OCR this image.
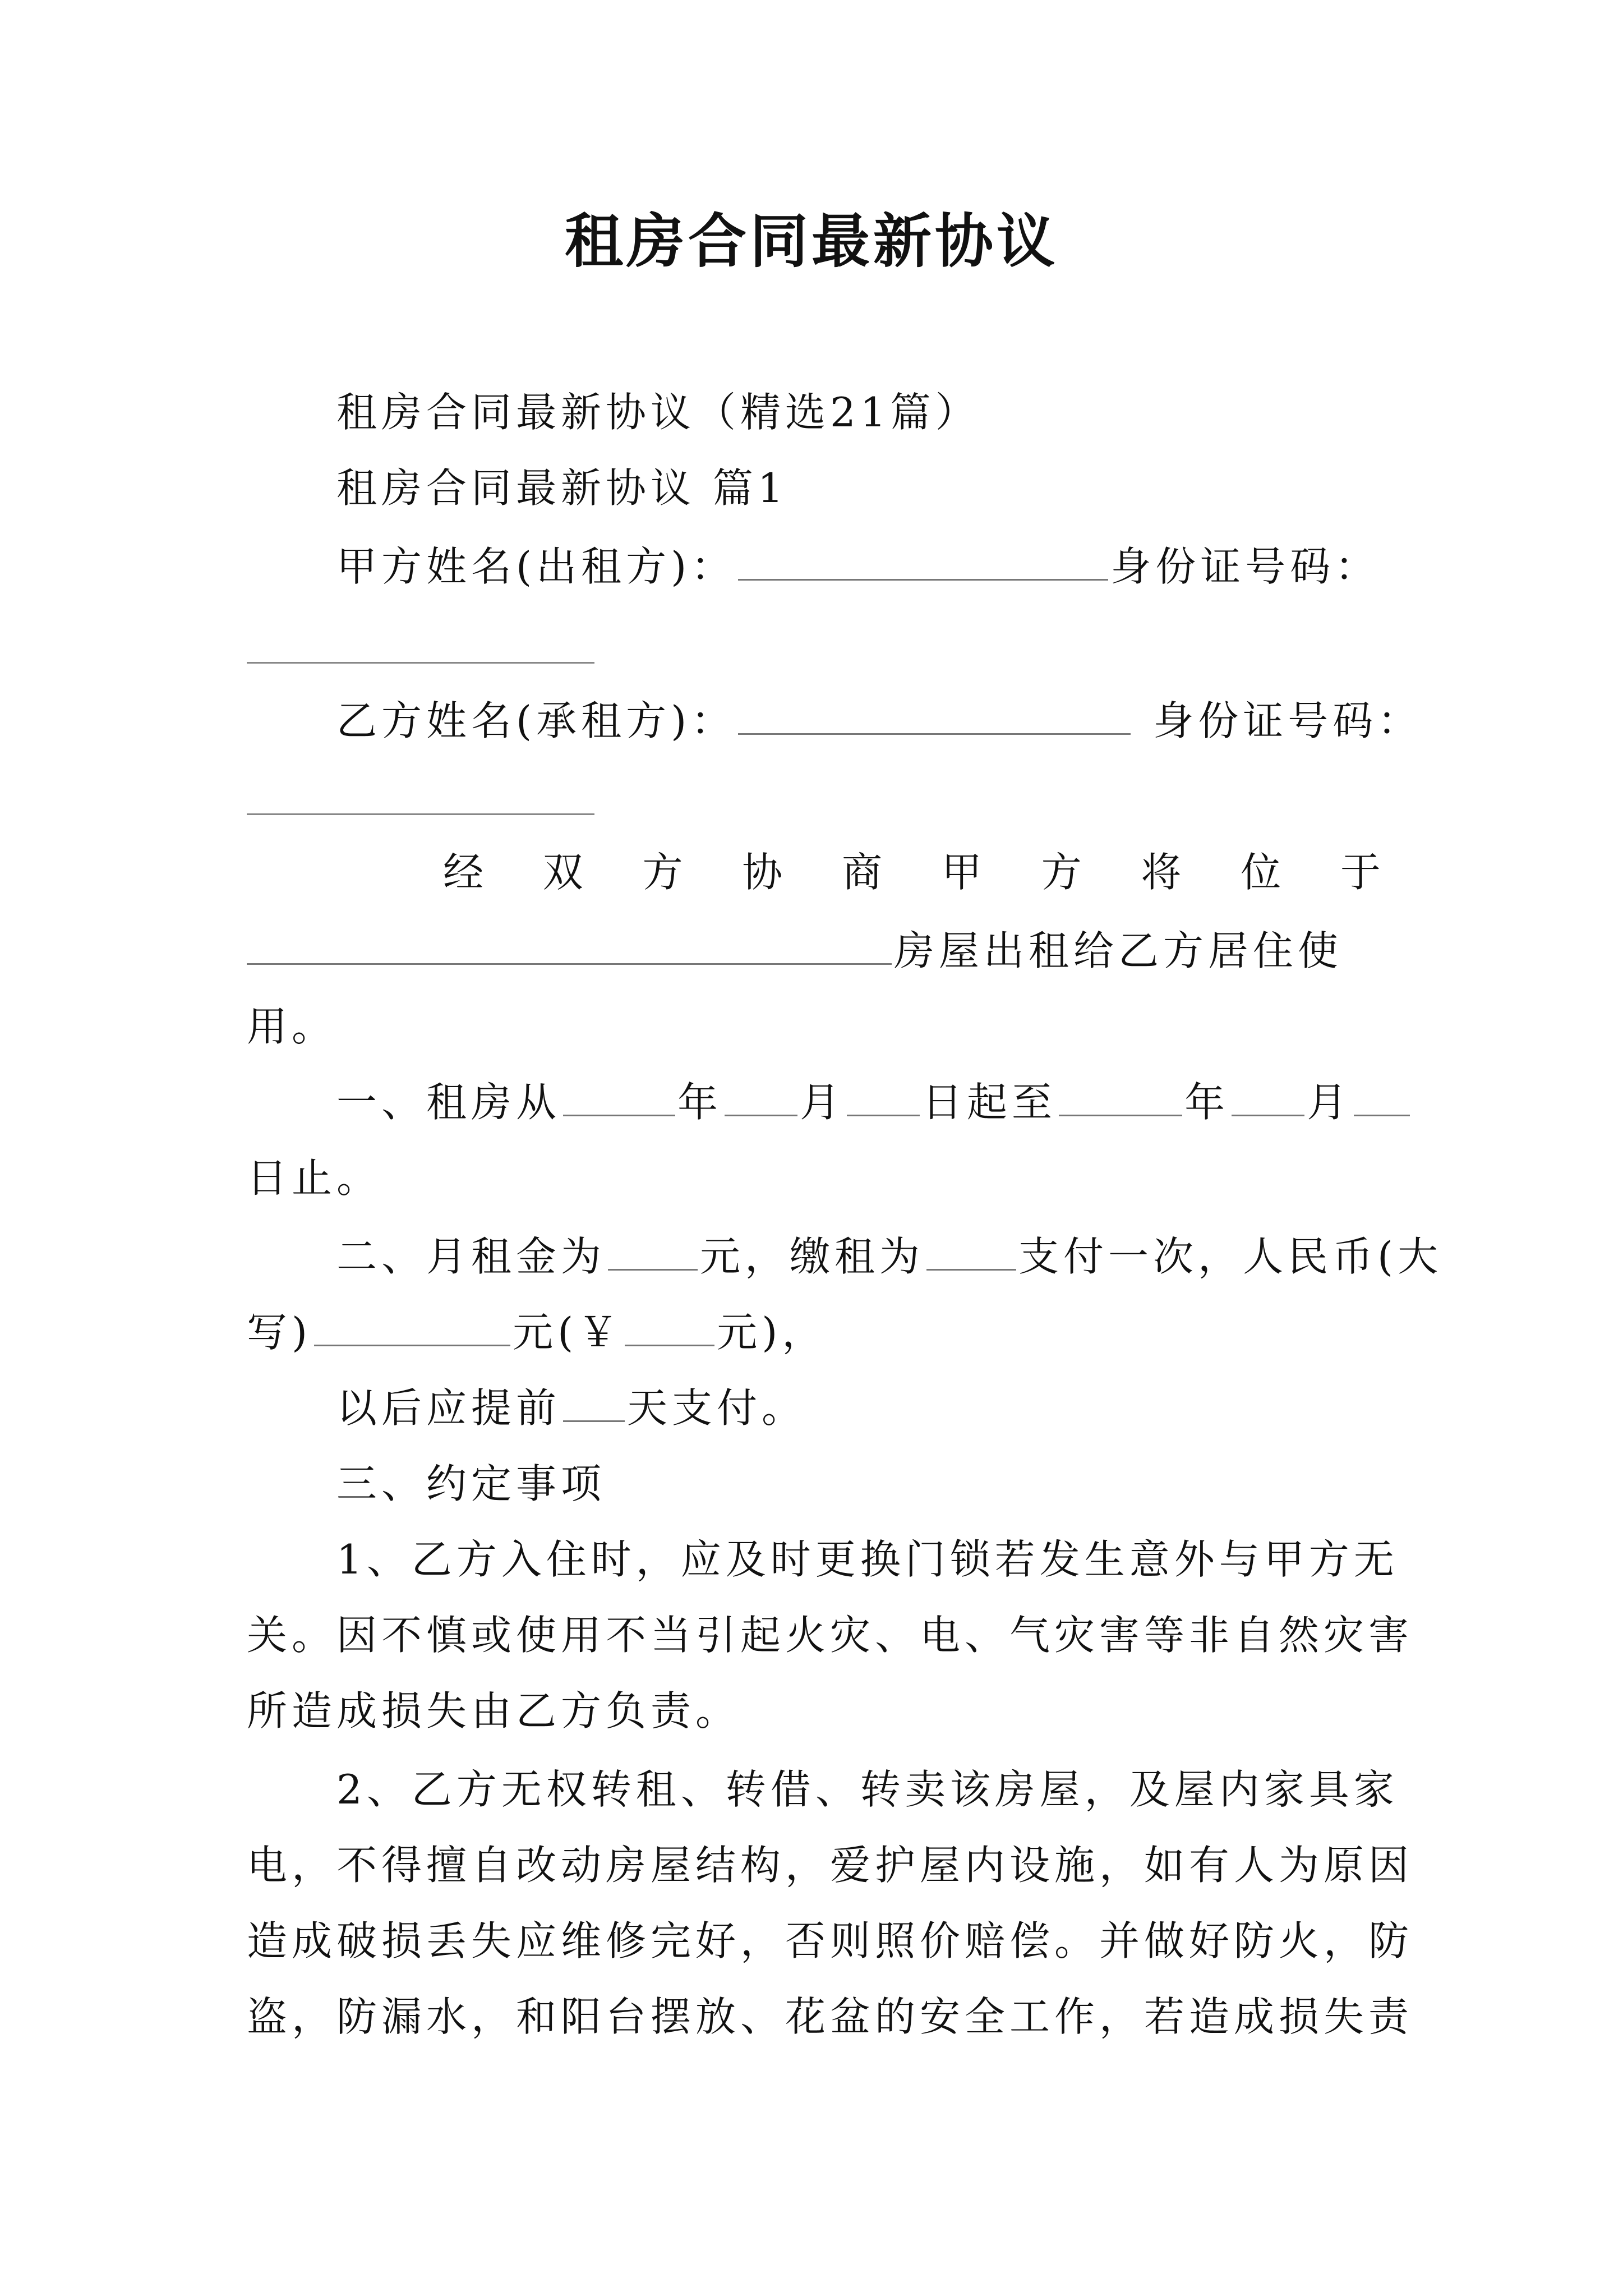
租房合同最新协议
租房合同最新协议（精选21篇）
租房合同最新协议 篇1
甲方姓名(出租方)：	身份证号码：
乙方姓名(承租方)：	身份证号码：
经 双 方 协 商 甲 方 将 位 于
房屋出租给乙方居住使
用。
一、租房从	年 月 日起至	年 月
日止。
二、月租金为 元，缴租为 支付一次，人民币(大
写)	元(￥ 元)，
以后应提前 天支付。
三、约定事项
1、乙方入住时，应及时更换门锁若发生意外与甲方无
关。因不慎或使用不当引起火灾、电、气灾害等非自然灾害
所造成损失由乙方负责。
2、乙方无权转租、转借、转卖该房屋，及屋内家具家
电，不得擅自改动房屋结构，爱护屋内设施，如有人为原因
造成破损丢失应维修完好，否则照价赔偿。并做好防火，防
盗，防漏水，和阳台摆放、花盆的安全工作，若造成损失责
